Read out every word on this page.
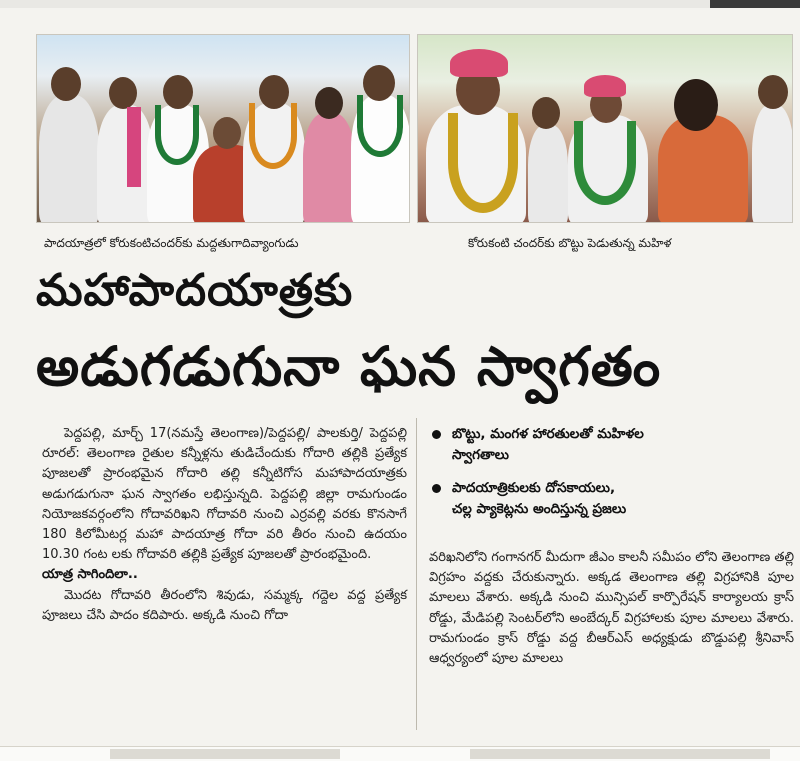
పాదయాత్రలో కోరుకంటిచందర్‌కు మద్దతుగాదివ్యాంగుడు	కోరుకంటి చందర్‌కు బొట్టు పెడుతున్న మహిళ
మహాపాదయాత్రకు
అడుగడుగునా ఘన స్వాగతం

పెద్దపల్లి, మార్చ్ 17(నమస్తే తెలంగాణ)/పెద్దపల్లి/ పాలకుర్తి/ పెద్దపల్లి రూరల్: తెలంగాణ రైతుల కన్నీళ్లను తుడిచేందుకు గోదారి తల్లికి ప్రత్యేక పూజలతో ప్రారంభమైన గోదారి తల్లి కన్నీటిగోస మహాపాదయాత్రకు అడుగడుగునా ఘన స్వాగతం లభిస్తున్నది. పెద్దపల్లి జిల్లా రామగుండం నియోజకవర్గంలోని గోదావరిఖని గోదావరి నుంచి ఎర్రవల్లి వరకు కొనసాగే 180 కిలోమీటర్ల మహా పాదయాత్ర గోదా వరి తీరం నుంచి ఉదయం 10.30 గంట లకు గోదావరి తల్లికి ప్రత్యేక పూజలతో ప్రారంభమైంది.

యాత్ర సాగిందిలా..

మొదట గోదావరి తీరంలోని శివుడు, సమ్మక్క గద్దెల వద్ద ప్రత్యేక పూజలు చేసి పాదం కదిపారు. అక్కడి నుంచి గోదా

బొట్టు, మంగళ హారతులతో మహిళల
స్వాగతాలు
పాదయాత్రికులకు దోసకాయలు,
చల్ల ప్యాకెట్లను అందిస్తున్న ప్రజలు

వరిఖనిలోని గంగానగర్ మీదుగా జీఎం కాలనీ సమీపం లోని తెలంగాణ తల్లి విగ్రహం వద్దకు చేరుకున్నారు. అక్కడ తెలంగాణ తల్లి విగ్రహానికి పూల మాలలు వేశారు. అక్కడి నుంచి మున్సిపల్ కార్పొరేషన్ కార్యాలయ క్రాస్ రోడ్డు, మేడిపల్లి సెంటర్‌లోని అంబేద్కర్ విగ్రహాలకు పూల మాలలు వేశారు. రామగుండం క్రాస్ రోడ్డు వద్ద బీఆర్ఎస్ అధ్యక్షుడు బొడ్డుపల్లి శ్రీనివాస్ ఆధ్వర్యంలో పూల మాలలు
